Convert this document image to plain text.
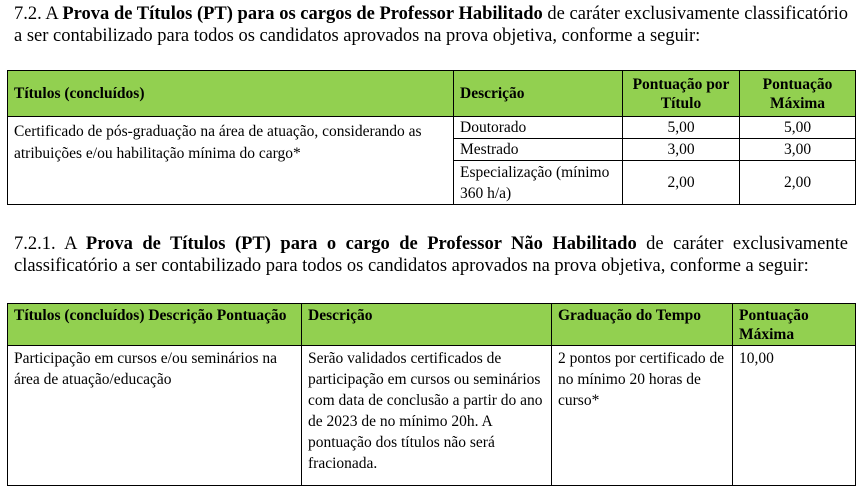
7.2. A Prova de Títulos (PT) para os cargos de Professor Habilitado de caráter exclusivamente classificatório a ser contabilizado para todos os candidatos aprovados na prova objetiva, conforme a seguir:

Títulos (concluídos)	Descrição	Pontuação por Título	Pontuação Máxima
Certificado de pós-graduação na área de atuação, considerando as atribuições e/ou habilitação mínima do cargo*	Doutorado	5,00	5,00
	Mestrado	3,00	3,00
	Especialização (mínimo 360 h/a)	2,00	2,00

7.2.1. A Prova de Títulos (PT) para o cargo de Professor Não Habilitado de caráter exclusivamente classificatório a ser contabilizado para todos os candidatos aprovados na prova objetiva, conforme a seguir:

Títulos (concluídos) Descrição Pontuação	Descrição	Graduação do Tempo	Pontuação Máxima
Participação em cursos e/ou seminários na área de atuação/educação	Serão validados certificados de participação em cursos ou seminários com data de conclusão a partir do ano de 2023 de no mínimo 20h. A pontuação dos títulos não será fracionada.	2 pontos por certificado de no mínimo 20 horas de curso*	10,00
